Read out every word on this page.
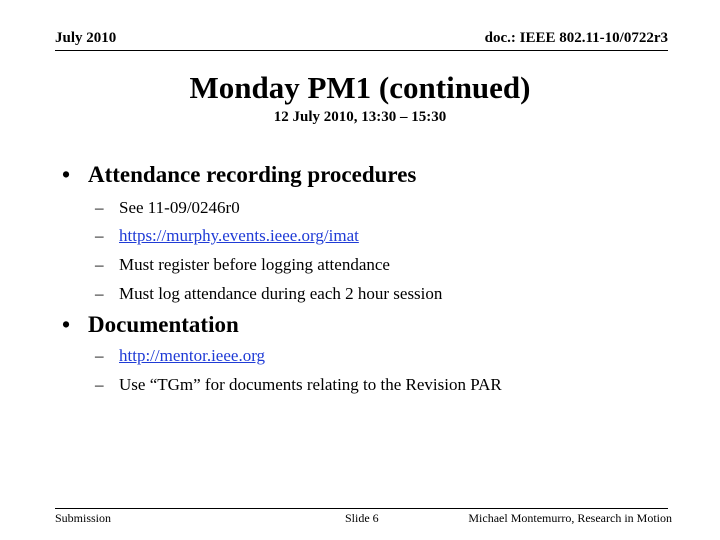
July 2010	doc.: IEEE 802.11-10/0722r3
Monday PM1 (continued)
12 July 2010, 13:30 – 15:30
• Attendance recording procedures
– See 11-09/0246r0
– https://murphy.events.ieee.org/imat
– Must register before logging attendance
– Must log attendance during each 2 hour session
• Documentation
– http://mentor.ieee.org
– Use “TGm” for documents relating to the Revision PAR
Submission	Slide 6	Michael Montemurro, Research in Motion
